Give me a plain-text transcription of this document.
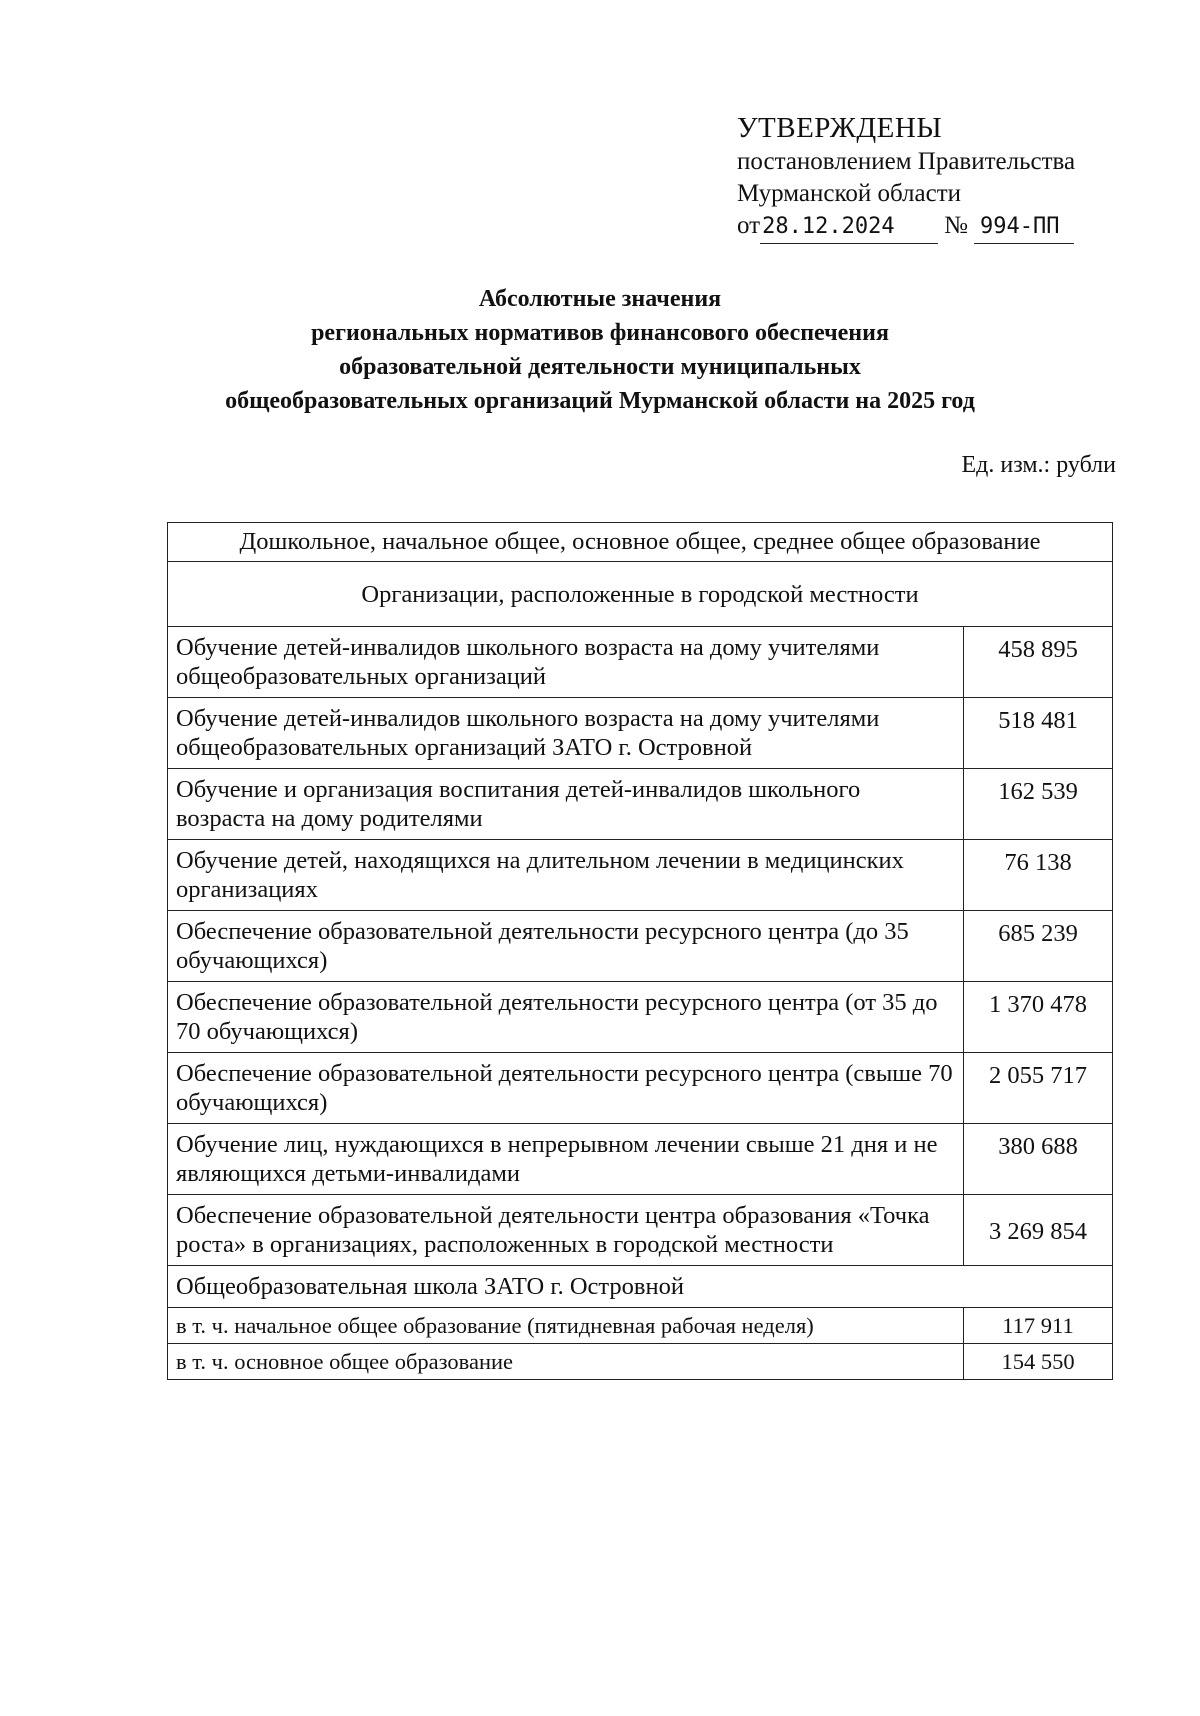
УТВЕРЖДЕНЫ
постановлением Правительства
Мурманской области
от28.12.2024 № 994-ПП
Абсолютные значения
региональных нормативов финансового обеспечения
образовательной деятельности муниципальных
общеобразовательных организаций Мурманской области на 2025 год
Ед. изм.: рубли
Дошкольное, начальное общее, основное общее, среднее общее образование	
Организации, расположенные в городской местности	
Обучение детей-инвалидов школьного возраста на дому учителями общеобразовательных организаций	458 895
Обучение детей-инвалидов школьного возраста на дому учителями общеобразовательных организаций ЗАТО г. Островной	518 481
Обучение и организация воспитания детей-инвалидов школьного возраста на дому родителями	162 539
Обучение детей, находящихся на длительном лечении в медицинских организациях	76 138
Обеспечение образовательной деятельности ресурсного центра (до 35 обучающихся)	685 239
Обеспечение образовательной деятельности ресурсного центра (от 35 до 70 обучающихся)	1 370 478
Обеспечение образовательной деятельности ресурсного центра (свыше 70 обучающихся)	2 055 717
Обучение лиц, нуждающихся в непрерывном лечении свыше 21 дня и не являющихся детьми-инвалидами	380 688
Обеспечение образовательной деятельности центра образования «Точка роста» в организациях, расположенных в городской местности	3 269 854
Общеобразовательная школа ЗАТО г. Островной	
в т. ч. начальное общее образование (пятидневная рабочая неделя)	117 911
в т. ч. основное общее образование	154 550
